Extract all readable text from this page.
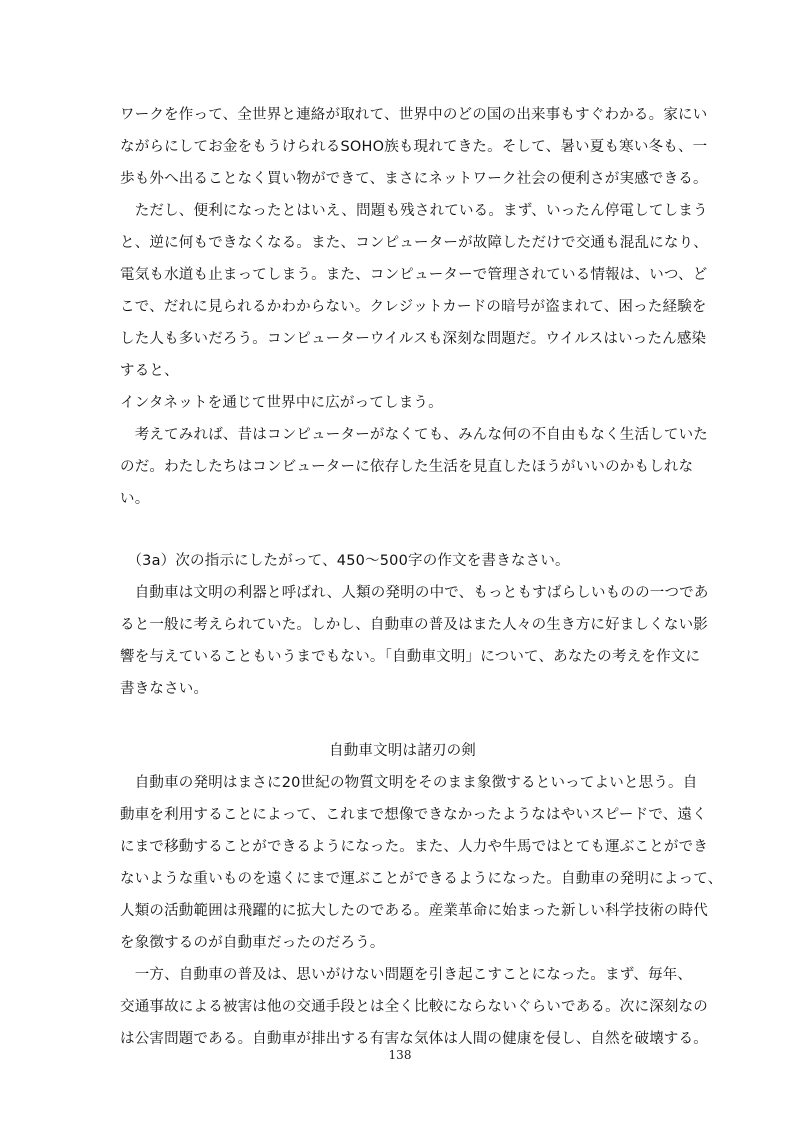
ワークを作って、全世界と連絡が取れて、世界中のどの国の出来事もすぐわかる。家にい
ながらにしてお金をもうけられるSOHO族も現れてきた。そして、暑い夏も寒い冬も、一
歩も外へ出ることなく買い物ができて、まさにネットワーク社会の便利さが実感できる。
　ただし、便利になったとはいえ、問題も残されている。まず、いったん停電してしまう
と、逆に何もできなくなる。また、コンピューターが故障しただけで交通も混乱になり、
電気も水道も止まってしまう。また、コンピューターで管理されている情報は、いつ、ど
こで、だれに見られるかわからない。クレジットカードの暗号が盗まれて、困った経験を
した人も多いだろう。コンピューターウイルスも深刻な問題だ。ウイルスはいったん感染
すると、
インタネットを通じて世界中に広がってしまう。
　考えてみれば、昔はコンピューターがなくても、みんな何の不自由もなく生活していた
のだ。わたしたちはコンビューターに依存した生活を見直したほうがいいのかもしれな
い。
　（3a）次の指示にしたがって、450～500字の作文を書きなさい。
　自動車は文明の利器と呼ばれ、人類の発明の中で、もっともすばらしいものの一つであ
ると一般に考えられていた。しかし、自動車の普及はまた人々の生き方に好ましくない影
響を与えていることもいうまでもない。「自動車文明」について、あなたの考えを作文に
書きなさい。
自動車文明は諸刃の剣
　自動車の発明はまさに20世紀の物質文明をそのまま象徴するといってよいと思う。自
動車を利用することによって、これまで想像できなかったようなはやいスピードで、遠く
にまで移動することができるようになった。また、人力や牛馬ではとても運ぶことができ
ないような重いものを遠くにまで運ぶことができるようになった。自動車の発明によって、
人類の活動範囲は飛躍的に拡大したのである。産業革命に始まった新しい科学技術の時代
を象徴するのが自動車だったのだろう。
　一方、自動車の普及は、思いがけない問題を引き起こすことになった。まず、毎年、
交通事故による被害は他の交通手段とは全く比較にならないぐらいである。次に深刻なの
は公害問題である。自動車が排出する有害な気体は人間の健康を侵し、自然を破壊する。
138
